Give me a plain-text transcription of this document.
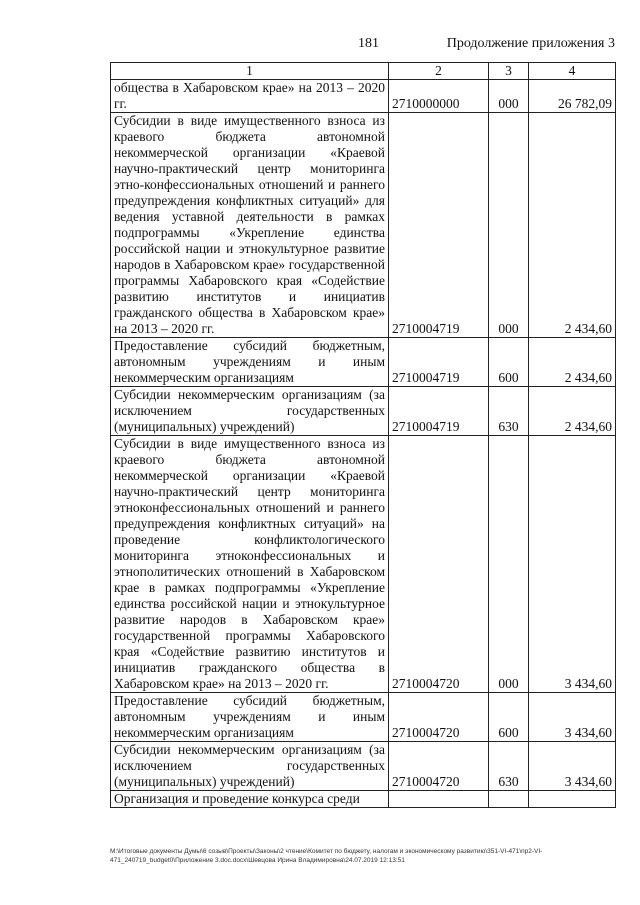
181	Продолжение приложения 3
1	2	3	4
общества в Хабаровском крае» на 2013 – 2020 гг.	2710000000	000	26 782,09
Субсидии в виде имущественного взноса из краевого бюджета автономной некоммерческой организации «Краевой научно-практический центр мониторинга этно-конфессиональных отношений и раннего предупреждения конфликтных ситуаций» для ведения уставной деятельности в рамках подпрограммы «Укрепление единства российской нации и этнокультурное развитие народов в Хабаровском крае» государственной программы Хабаровского края «Содействие развитию институтов и инициатив гражданского общества в Хабаровском крае» на 2013 – 2020 гг.	2710004719	000	2 434,60
Предоставление субсидий бюджетным, автономным учреждениям и иным некоммерческим организациям	2710004719	600	2 434,60
Субсидии некоммерческим организациям (за исключением государственных (муниципальных) учреждений)	2710004719	630	2 434,60
Субсидии в виде имущественного взноса из краевого бюджета автономной некоммерческой организации «Краевой научно-практический центр мониторинга этноконфессиональных отношений и раннего предупреждения конфликтных ситуаций» на проведение конфликтологического мониторинга этноконфессиональных и этнополитических отношений в Хабаровском крае в рамках подпрограммы «Укрепление единства российской нации и этнокультурное развитие народов в Хабаровском крае» государственной программы Хабаровского края «Содействие развитию институтов и инициатив гражданского общества в Хабаровском крае» на 2013 – 2020 гг.	2710004720	000	3 434,60
Предоставление субсидий бюджетным, автономным учреждениям и иным некоммерческим организациям	2710004720	600	3 434,60
Субсидии некоммерческим организациям (за исключением государственных (муниципальных) учреждений)	2710004720	630	3 434,60
Организация и проведение конкурса среди			
М:\Итоговые документы Думы\6 созыв\Проекты\Законы\2 чтение\Комитет по бюджету, налогам и экономическому развитию\351-VI-471\пр2-VI-471_240719_budget0\Приложение 3.doc.docx\Шевцова Ирина Владимировна\24.07.2019 12:13:51
